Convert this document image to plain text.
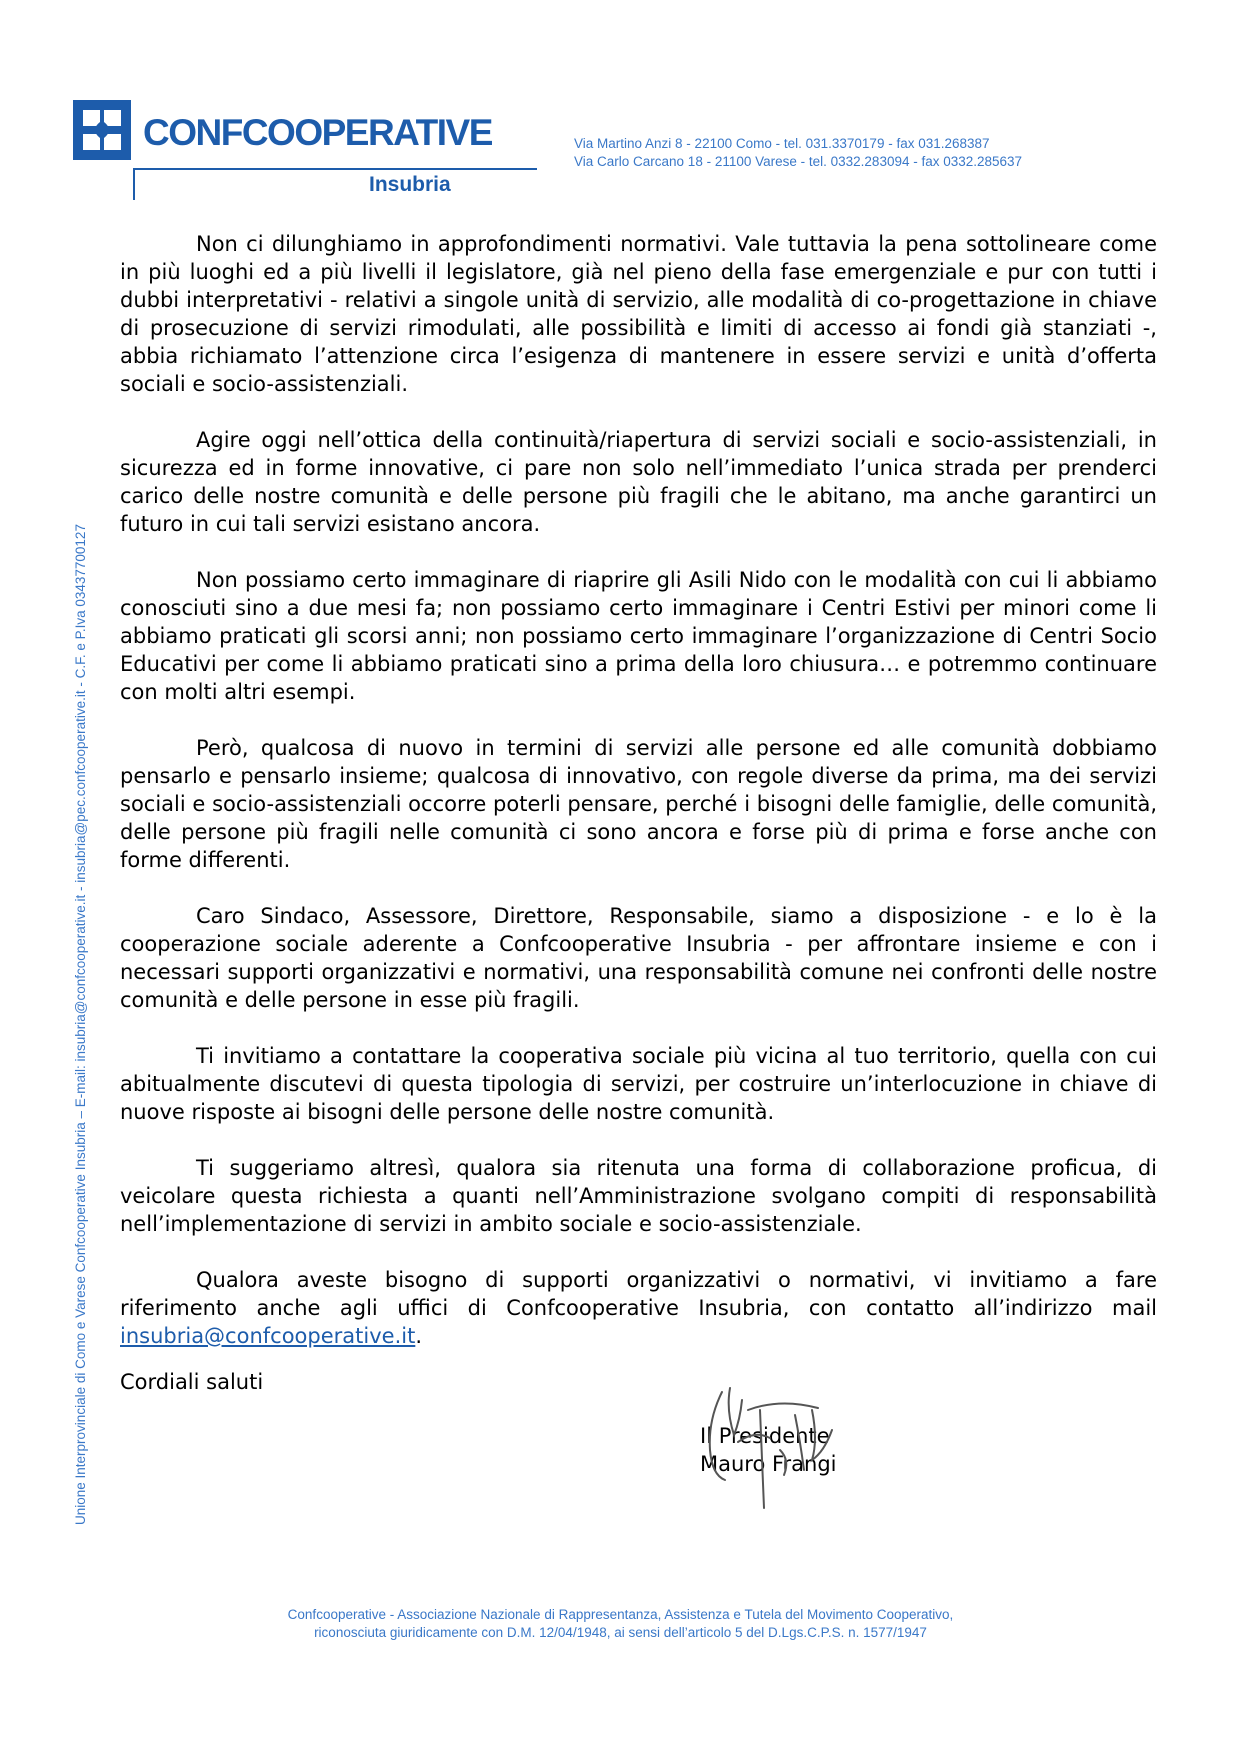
CONFCOOPERATIVE
Insubria
Via Martino Anzi 8 - 22100 Como - tel. 031.3370179 - fax 031.268387
Via Carlo Carcano 18 - 21100 Varese - tel. 0332.283094 - fax 0332.285637
Unione Interprovinciale di Como e Varese Confcooperative Insubria – E-mail: insubria@confcooperative.it - insubria@pec.confcooperative.it - C.F. e P.Iva 03437700127

Non ci dilunghiamo in approfondimenti normativi. Vale tuttavia la pena sottolineare come in più luoghi ed a più livelli il legislatore, già nel pieno della fase emergenziale e pur con tutti i dubbi interpretativi - relativi a singole unità di servizio, alle modalità di co-progettazione in chiave di prosecuzione di servizi rimodulati, alle possibilità e limiti di accesso ai fondi già stanziati -, abbia richiamato l’attenzione circa l’esigenza di mantenere in essere servizi e unità d’offerta sociali e socio-assistenziali.

Agire oggi nell’ottica della continuità/riapertura di servizi sociali e socio-assistenziali, in sicurezza ed in forme innovative, ci pare non solo nell’immediato l’unica strada per prenderci carico delle nostre comunità e delle persone più fragili che le abitano, ma anche garantirci un futuro in cui tali servizi esistano ancora.

Non possiamo certo immaginare di riaprire gli Asili Nido con le modalità con cui li abbiamo conosciuti sino a due mesi fa; non possiamo certo immaginare i Centri Estivi per minori come li abbiamo praticati gli scorsi anni; non possiamo certo immaginare l’organizzazione di Centri Socio Educativi per come li abbiamo praticati sino a prima della loro chiusura… e potremmo continuare con molti altri esempi.

Però, qualcosa di nuovo in termini di servizi alle persone ed alle comunità dobbiamo pensarlo e pensarlo insieme; qualcosa di innovativo, con regole diverse da prima, ma dei servizi sociali e socio-assistenziali occorre poterli pensare, perché i bisogni delle famiglie, delle comunità, delle persone più fragili nelle comunità ci sono ancora e forse più di prima e forse anche con forme differenti.

Caro Sindaco, Assessore, Direttore, Responsabile, siamo a disposizione - e lo è la cooperazione sociale aderente a Confcooperative Insubria - per affrontare insieme e con i necessari supporti organizzativi e normativi, una responsabilità comune nei confronti delle nostre comunità e delle persone in esse più fragili.

Ti invitiamo a contattare la cooperativa sociale più vicina al tuo territorio, quella con cui abitualmente discutevi di questa tipologia di servizi, per costruire un’interlocuzione in chiave di nuove risposte ai bisogni delle persone delle nostre comunità.

Ti suggeriamo altresì, qualora sia ritenuta una forma di collaborazione proficua, di veicolare questa richiesta a quanti nell’Amministrazione svolgano compiti di responsabilità nell’implementazione di servizi in ambito sociale e socio-assistenziale.

Qualora aveste bisogno di supporti organizzativi o normativi, vi invitiamo a fare riferimento anche agli uffici di Confcooperative Insubria, con contatto all’indirizzo mail insubria@confcooperative.it.

Cordiali saluti
Il Presidente
Mauro Frangi
Confcooperative - Associazione Nazionale di Rappresentanza, Assistenza e Tutela del Movimento Cooperativo,
riconosciuta giuridicamente con D.M. 12/04/1948, ai sensi dell’articolo 5 del D.Lgs.C.P.S. n. 1577/1947
